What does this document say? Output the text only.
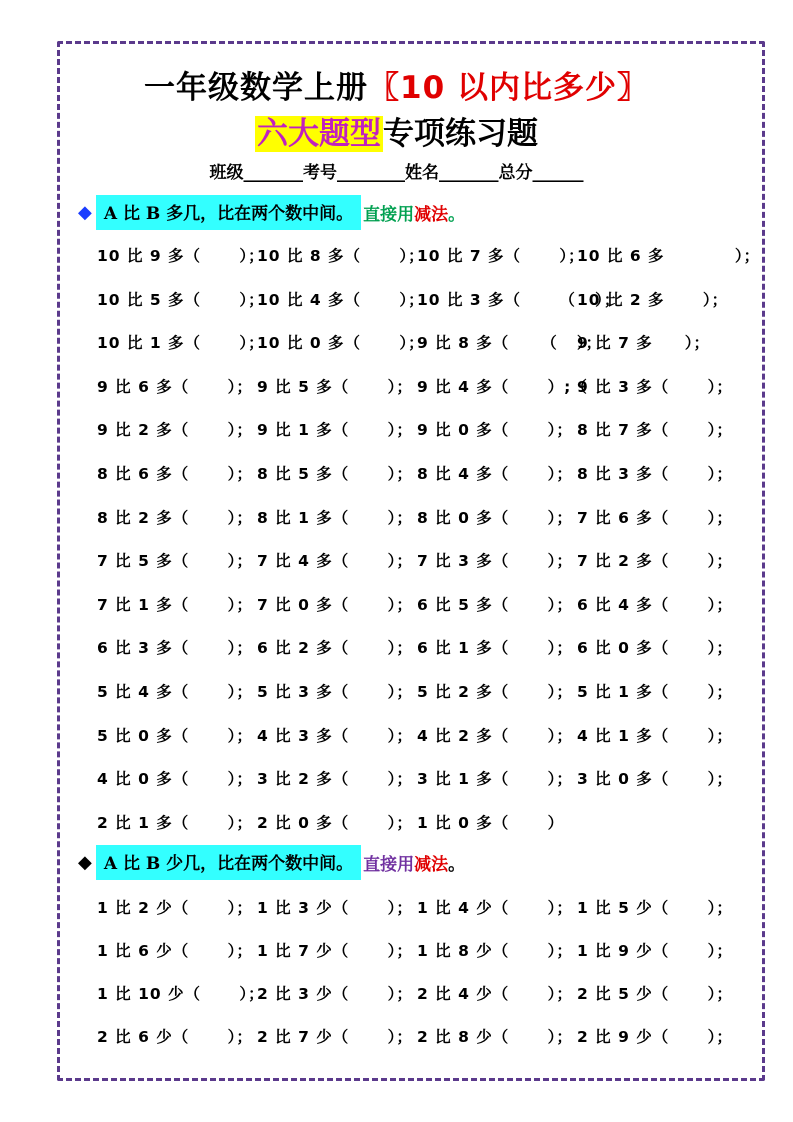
一年级数学上册〖10 以内比多少〗
六大题型专项练习题
班级_______考号________姓名_______总分______
◆ A 比 B 多几，比在两个数中间。 直接用 减法 。
10 比 9 多（      ）；
10 比 8 多（      ）；
10 比 7 多（      ）；
10 比 6 多           ）；
10 比 5 多（      ）；
10 比 4 多（      ）；
10 比 3 多（      （   ）；
10 比 2 多      ）；
10 比 1 多（      ）；
10 比 0 多（      ）；
9 比 8 多（     （   ）；
9 比 7 多     ）；
9 比 6 多（      ）； 9 比 5 多（      ）； 9 比 4 多（      ）;（
9 比 3 多（      ）；
9 比 2 多（      ）； 9 比 1 多（      ）； 9 比 0 多（      ）； 8 比 7 多（      ）；
8 比 6 多（      ）； 8 比 5 多（      ）； 8 比 4 多（      ）； 8 比 3 多（      ）；
8 比 2 多（      ）； 8 比 1 多（      ）； 8 比 0 多（      ）； 7 比 6 多（      ）；
7 比 5 多（      ）； 7 比 4 多（      ）； 7 比 3 多（      ）； 7 比 2 多（      ）；
7 比 1 多（      ）； 7 比 0 多（      ）； 6 比 5 多（      ）； 6 比 4 多（      ）；
6 比 3 多（      ）； 6 比 2 多（      ）； 6 比 1 多（      ）； 6 比 0 多（      ）；
5 比 4 多（      ）； 5 比 3 多（      ）； 5 比 2 多（      ）； 5 比 1 多（      ）；
5 比 0 多（      ）； 4 比 3 多（      ）； 4 比 2 多（      ）； 4 比 1 多（      ）；
4 比 0 多（      ）； 3 比 2 多（      ）； 3 比 1 多（      ）； 3 比 0 多（      ）；
2 比 1 多（      ）； 2 比 0 多（      ）； 1 比 0 多（      ）
◆ A 比 B 少几，比在两个数中间。 直接用 减法 。
1 比 2 少（      ）； 1 比 3 少（      ）； 1 比 4 少（      ）； 1 比 5 少（      ）；
1 比 6 少（      ）； 1 比 7 少（      ）； 1 比 8 少（      ）； 1 比 9 少（      ）；
1 比 10 少（      ）；
2 比 3 少（      ）； 2 比 4 少（      ）； 2 比 5 少（      ）；
2 比 6 少（      ）； 2 比 7 少（      ）； 2 比 8 少（      ）； 2 比 9 少（      ）；
